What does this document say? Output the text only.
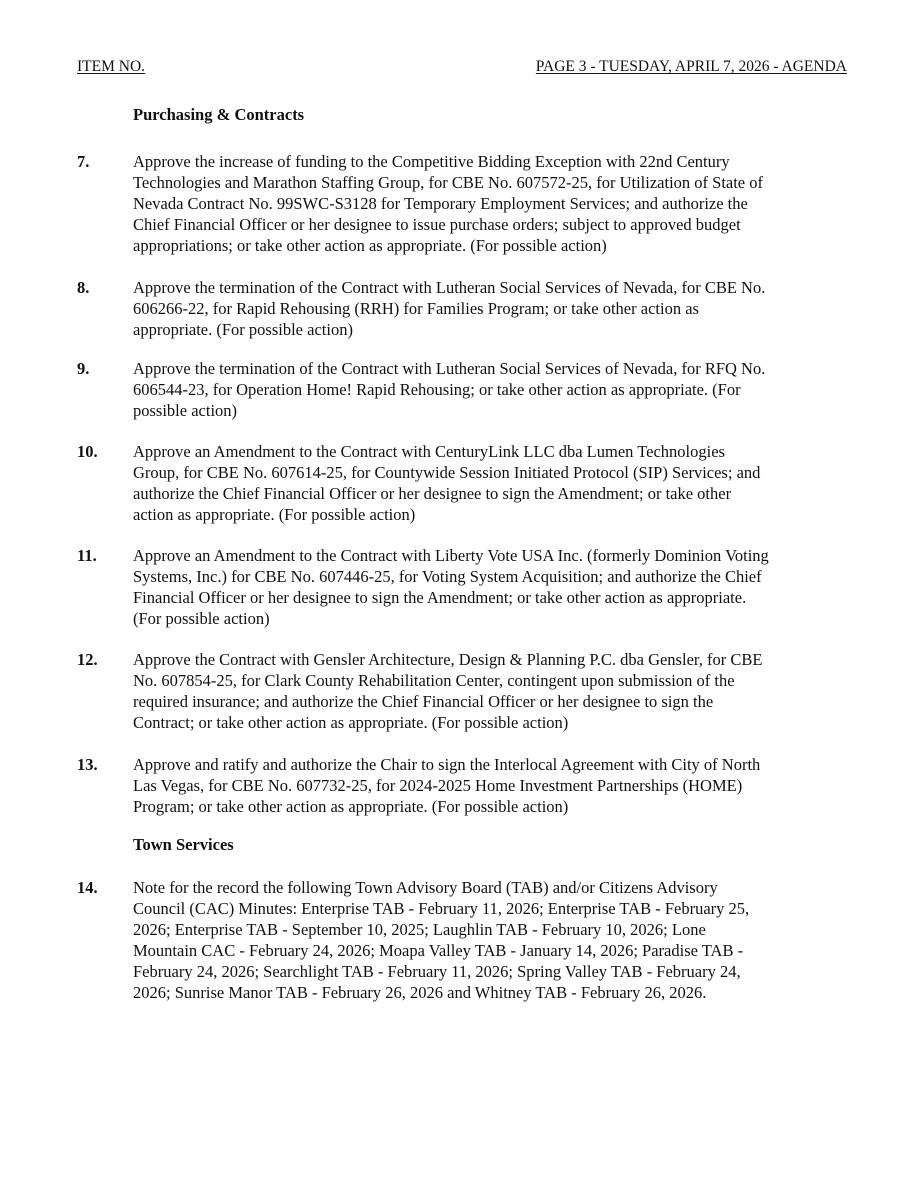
ITEM NO.	PAGE 3 - TUESDAY, APRIL 7, 2026 - AGENDA
Purchasing & Contracts
7.	Approve the increase of funding to the Competitive Bidding Exception with 22nd Century
Technologies and Marathon Staffing Group, for CBE No. 607572-25, for Utilization of State of
Nevada Contract No. 99SWC-S3128 for Temporary Employment Services; and authorize the
Chief Financial Officer or her designee to issue purchase orders; subject to approved budget
appropriations; or take other action as appropriate. (For possible action)
8.	Approve the termination of the Contract with Lutheran Social Services of Nevada, for CBE No.
606266-22, for Rapid Rehousing (RRH) for Families Program; or take other action as
appropriate. (For possible action)
9.	Approve the termination of the Contract with Lutheran Social Services of Nevada, for RFQ No.
606544-23, for Operation Home! Rapid Rehousing; or take other action as appropriate. (For
possible action)
10. Approve an Amendment to the Contract with CenturyLink LLC dba Lumen Technologies
Group, for CBE No. 607614-25, for Countywide Session Initiated Protocol (SIP) Services; and
authorize the Chief Financial Officer or her designee to sign the Amendment; or take other
action as appropriate. (For possible action)
11. Approve an Amendment to the Contract with Liberty Vote USA Inc. (formerly Dominion Voting
Systems, Inc.) for CBE No. 607446-25, for Voting System Acquisition; and authorize the Chief
Financial Officer or her designee to sign the Amendment; or take other action as appropriate.
(For possible action)
12. Approve the Contract with Gensler Architecture, Design & Planning P.C. dba Gensler, for CBE
No. 607854-25, for Clark County Rehabilitation Center, contingent upon submission of the
required insurance; and authorize the Chief Financial Officer or her designee to sign the
Contract; or take other action as appropriate. (For possible action)
13. Approve and ratify and authorize the Chair to sign the Interlocal Agreement with City of North
Las Vegas, for CBE No. 607732-25, for 2024-2025 Home Investment Partnerships (HOME)
Program; or take other action as appropriate. (For possible action)
Town Services
14. Note for the record the following Town Advisory Board (TAB) and/or Citizens Advisory
Council (CAC) Minutes: Enterprise TAB - February 11, 2026; Enterprise TAB - February 25,
2026; Enterprise TAB - September 10, 2025; Laughlin TAB - February 10, 2026; Lone
Mountain CAC - February 24, 2026; Moapa Valley TAB - January 14, 2026; Paradise TAB -
February 24, 2026; Searchlight TAB - February 11, 2026; Spring Valley TAB - February 24,
2026; Sunrise Manor TAB - February 26, 2026 and Whitney TAB - February 26, 2026.
